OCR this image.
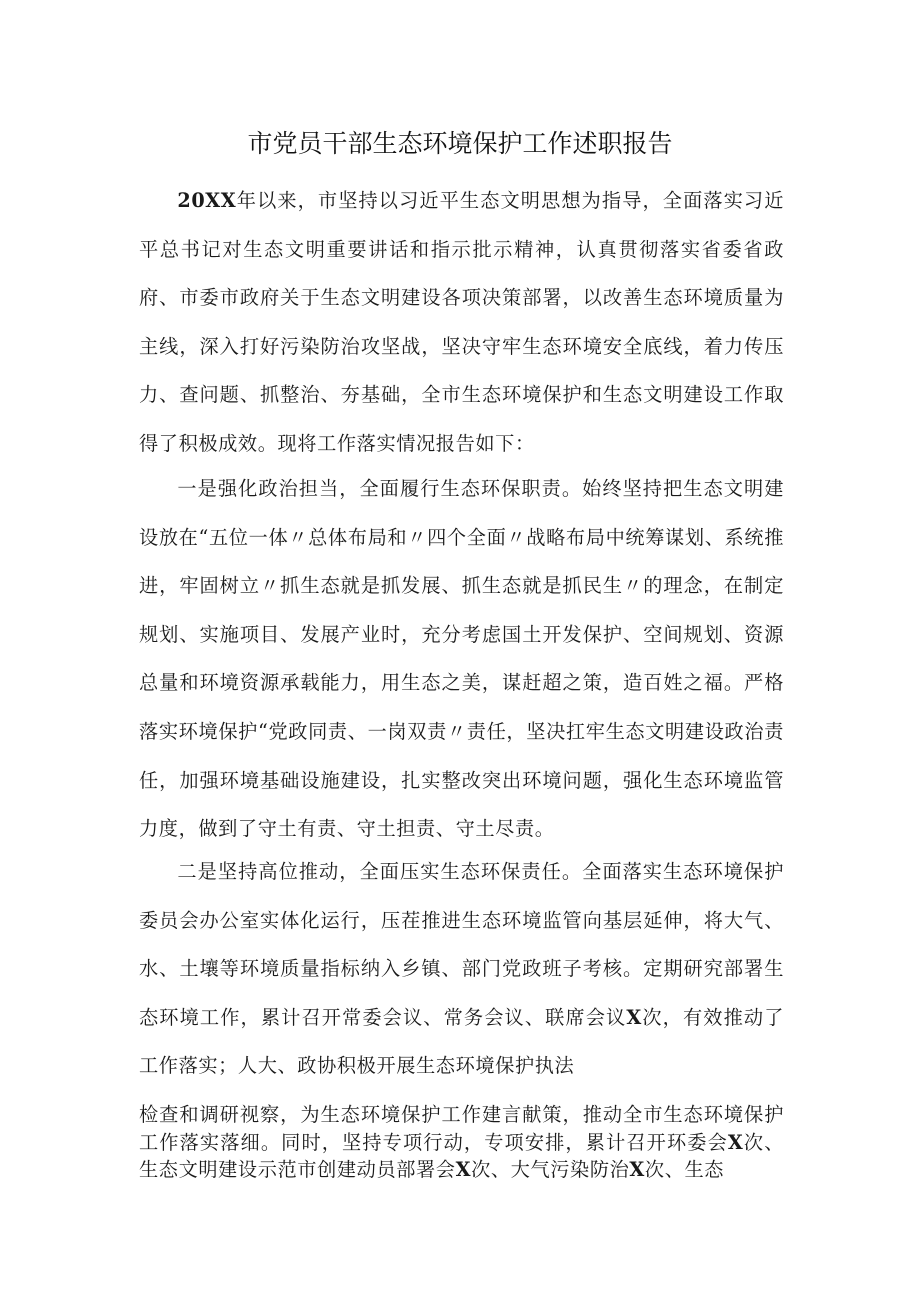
市党员干部生态环境保护工作述职报告

20XX年以来，市坚持以习近平生态文明思想为指导，全面落实习近平总书记对生态文明重要讲话和指示批示精神，认真贯彻落实省委省政府、市委市政府关于生态文明建设各项决策部署，以改善生态环境质量为主线，深入打好污染防治攻坚战，坚决守牢生态环境安全底线，着力传压力、查问题、抓整治、夯基础，全市生态环境保护和生态文明建设工作取得了积极成效。现将工作落实情况报告如下：

一是强化政治担当，全面履行生态环保职责。始终坚持把生态文明建设放在“五位一体〃总体布局和〃四个全面〃战略布局中统筹谋划、系统推进，牢固树立〃抓生态就是抓发展、抓生态就是抓民生〃的理念，在制定规划、实施项目、发展产业时，充分考虑国土开发保护、空间规划、资源总量和环境资源承载能力，用生态之美，谋赶超之策，造百姓之福。严格落实环境保护“党政同责、一岗双责〃责任，坚决扛牢生态文明建设政治责任，加强环境基础设施建设，扎实整改突出环境问题，强化生态环境监管力度，做到了守土有责、守土担责、守土尽责。

二是坚持高位推动，全面压实生态环保责任。全面落实生态环境保护委员会办公室实体化运行，压茬推进生态环境监管向基层延伸，将大气、水、土壤等环境质量指标纳入乡镇、部门党政班子考核。定期研究部署生态环境工作，累计召开常委会议、常务会议、联席会议X次，有效推动了工作落实；人大、政协积极开展生态环境保护执法

检查和调研视察，为生态环境保护工作建言献策，推动全市生态环境保护工作落实落细。同时，坚持专项行动，专项安排，累计召开环委会X次、生态文明建设示范市创建动员部署会X次、大气污染防治X次、生态
